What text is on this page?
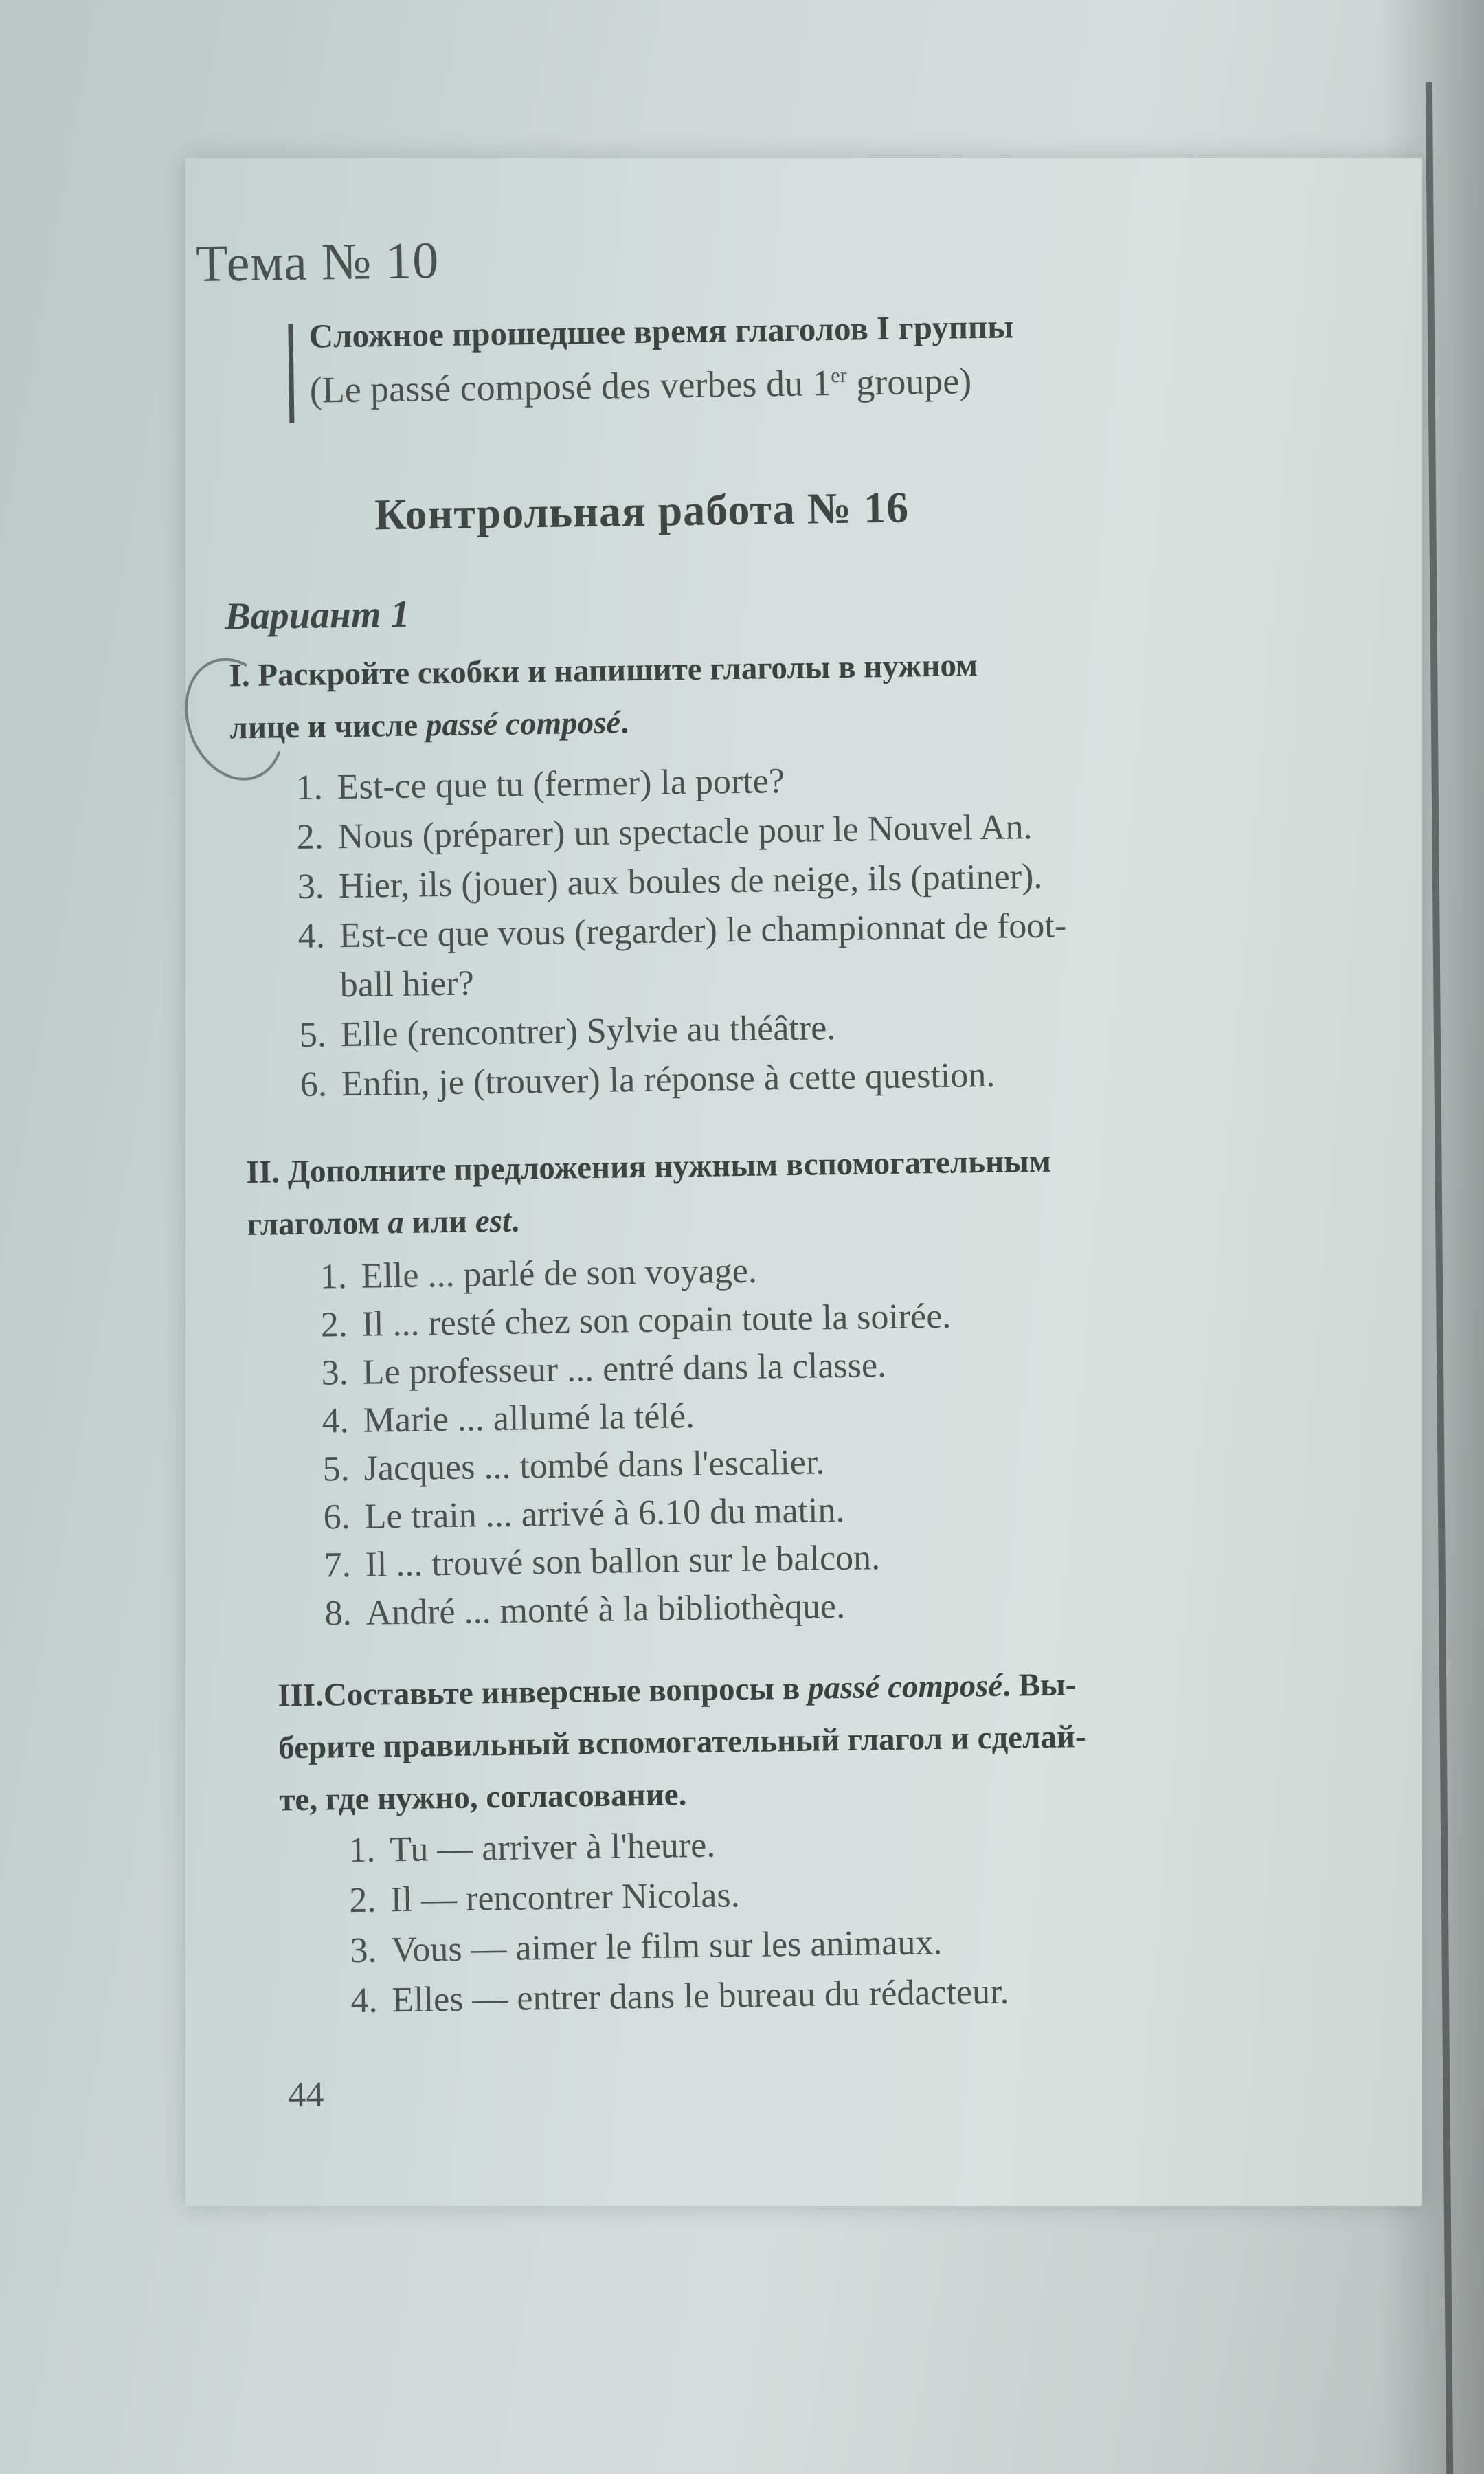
Тема № 10
Сложное прошедшее время глаголов I группы
(Le passé composé des verbes du 1er groupe)
Контрольная работа № 16
Вариант 1
I. Раскройте скобки и напишите глаголы в нужном
лице и числе passé composé.
1. Est-ce que tu (fermer) la porte?
2. Nous (préparer) un spectacle pour le Nouvel An.
3. Hier, ils (jouer) aux boules de neige, ils (patiner).
4. Est-ce que vous (regarder) le championnat de foot-
ball hier?
5. Elle (rencontrer) Sylvie au théâtre.
6. Enfin, je (trouver) la réponse à cette question.
II. Дополните предложения нужным вспомогательным
глаголом a или est.
1. Elle ... parlé de son voyage.
2. Il ... resté chez son copain toute la soirée.
3. Le professeur ... entré dans la classe.
4. Marie ... allumé la télé.
5. Jacques ... tombé dans l'escalier.
6. Le train ... arrivé à 6.10 du matin.
7. Il ... trouvé son ballon sur le balcon.
8. André ... monté à la bibliothèque.
III.Составьте инверсные вопросы в passé composé. Вы-
берите правильный вспомогательный глагол и сделай-
те, где нужно, согласование.
1. Tu — arriver à l'heure.
2. Il — rencontrer Nicolas.
3. Vous — aimer le film sur les animaux.
4. Elles — entrer dans le bureau du rédacteur.
44
